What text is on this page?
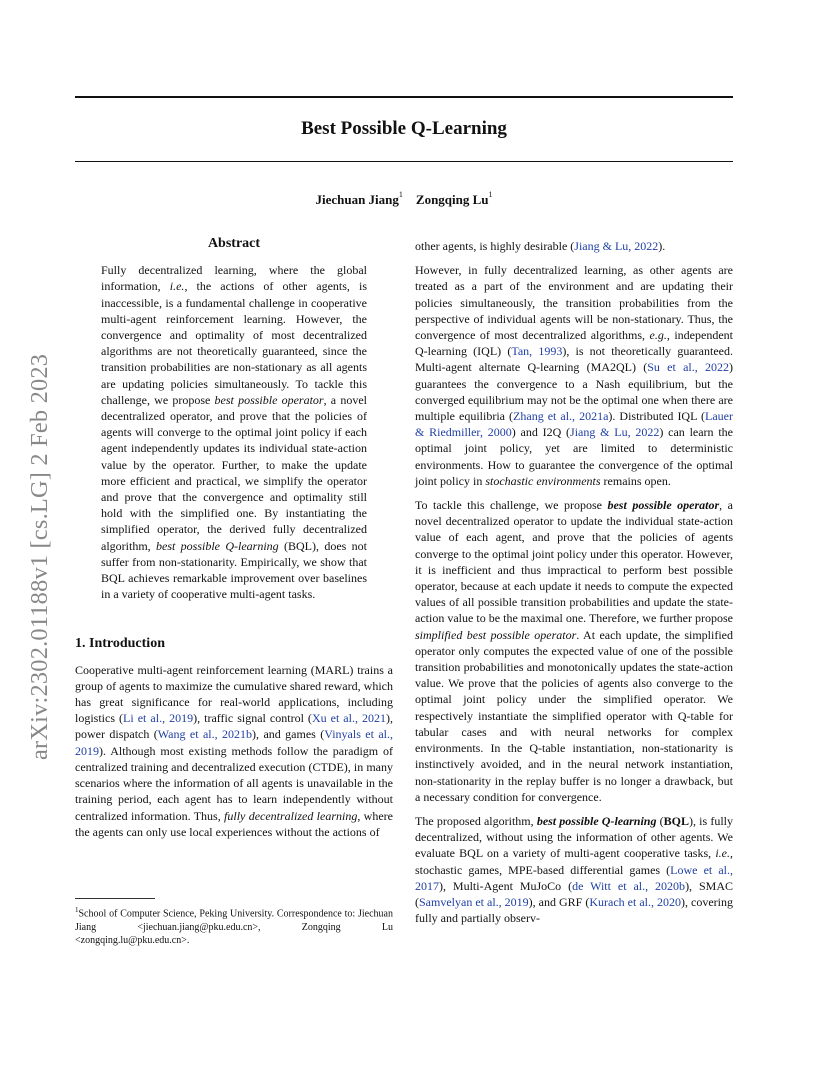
Best Possible Q-Learning
Jiechuan Jiang$^1$ Zongqing Lu$^1$
arXiv:2302.01188v1 [cs.LG] 2 Feb 2023
Abstract

Fully decentralized learning, where the global information, i.e., the actions of other agents, is inaccessible, is a fundamental challenge in cooperative multi-agent reinforcement learning. However, the convergence and optimality of most decentralized algorithms are not theoretically guaranteed, since the transition probabilities are non-stationary as all agents are updating policies simultaneously. To tackle this challenge, we propose best possible operator, a novel decentralized operator, and prove that the policies of agents will converge to the optimal joint policy if each agent independently updates its individual state-action value by the operator. Further, to make the update more efficient and practical, we simplify the operator and prove that the convergence and optimality still hold with the simplified one. By instantiating the simplified operator, the derived fully decentralized algorithm, best possible Q-learning (BQL), does not suffer from non-stationarity. Empirically, we show that BQL achieves remarkable improvement over baselines in a variety of cooperative multi-agent tasks.

1. Introduction

Cooperative multi-agent reinforcement learning (MARL) trains a group of agents to maximize the cumulative shared reward, which has great significance for real-world applications, including logistics (Li et al., 2019), traffic signal control (Xu et al., 2021), power dispatch (Wang et al., 2021b), and games (Vinyals et al., 2019). Although most existing methods follow the paradigm of centralized training and decentralized execution (CTDE), in many scenarios where the information of all agents is unavailable in the training period, each agent has to learn independently without centralized information. Thus, fully decentralized learning, where the agents can only use local experiences without the actions of

other agents, is highly desirable (Jiang & Lu, 2022).

However, in fully decentralized learning, as other agents are treated as a part of the environment and are updating their policies simultaneously, the transition probabilities from the perspective of individual agents will be non-stationary. Thus, the convergence of most decentralized algorithms, e.g., independent Q-learning (IQL) (Tan, 1993), is not theoretically guaranteed. Multi-agent alternate Q-learning (MA2QL) (Su et al., 2022) guarantees the convergence to a Nash equilibrium, but the converged equilibrium may not be the optimal one when there are multiple equilibria (Zhang et al., 2021a). Distributed IQL (Lauer & Riedmiller, 2000) and I2Q (Jiang & Lu, 2022) can learn the optimal joint policy, yet are limited to deterministic environments. How to guarantee the convergence of the optimal joint policy in stochastic environments remains open.

To tackle this challenge, we propose best possible operator, a novel decentralized operator to update the individual state-action value of each agent, and prove that the policies of agents converge to the optimal joint policy under this operator. However, it is inefficient and thus impractical to perform best possible operator, because at each update it needs to compute the expected values of all possible transition probabilities and update the state-action value to be the maximal one. Therefore, we further propose simplified best possible operator. At each update, the simplified operator only computes the expected value of one of the possible transition probabilities and monotonically updates the state-action value. We prove that the policies of agents also converge to the optimal joint policy under the simplified operator. We respectively instantiate the simplified operator with Q-table for tabular cases and with neural networks for complex environments. In the Q-table instantiation, non-stationarity is instinctively avoided, and in the neural network instantiation, non-stationarity in the replay buffer is no longer a drawback, but a necessary condition for convergence.

The proposed algorithm, best possible Q-learning (BQL), is fully decentralized, without using the information of other agents. We evaluate BQL on a variety of multi-agent cooperative tasks, i.e., stochastic games, MPE-based differential games (Lowe et al., 2017), Multi-Agent MuJoCo (de Witt et al., 2020b), SMAC (Samvelyan et al., 2019), and GRF (Kurach et al., 2020), covering fully and partially observ-

$^1$School of Computer Science, Peking University. Correspondence to: Jiechuan Jiang <jiechuan.jiang@pku.edu.cn>, Zongqing Lu <zongqing.lu@pku.edu.cn>.
